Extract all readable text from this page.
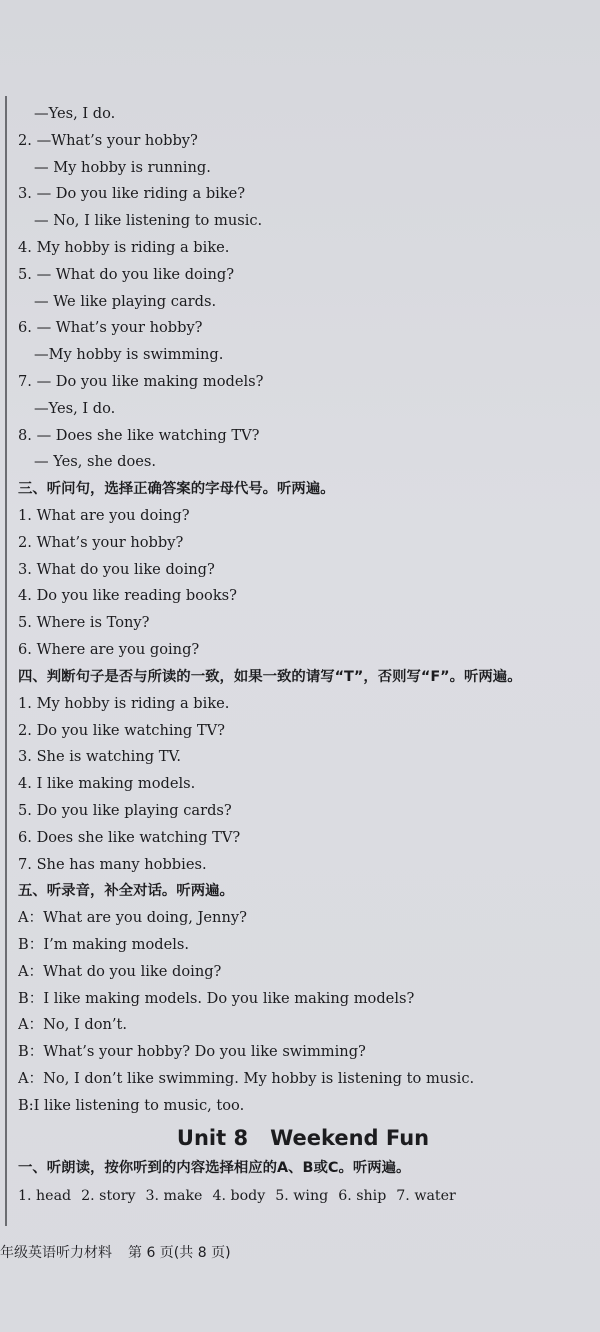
—Yes, I do.
2. —What’s your hobby?
— My hobby is running.
3. — Do you like riding a bike?
— No, I like listening to music.
4. My hobby is riding a bike.
5. — What do you like doing?
— We like playing cards.
6. — What’s your hobby?
—My hobby is swimming.
7. — Do you like making models?
—Yes, I do.
8. — Does she like watching TV?
— Yes, she does.
三、听问句，选择正确答案的字母代号。听两遍。
1. What are you doing?
2. What’s your hobby?
3. What do you like doing?
4. Do you like reading books?
5. Where is Tony?
6. Where are you going?
四、判断句子是否与所读的一致，如果一致的请写“T”，否则写“F”。听两遍。
1. My hobby is riding a bike.
2. Do you like watching TV?
3. She is watching TV.
4. I like making models.
5. Do you like playing cards?
6. Does she like watching TV?
7. She has many hobbies.
五、听录音，补全对话。听两遍。
A：What are you doing, Jenny?
B：I’m making models.
A：What do you like doing?
B：I like making models. Do you like making models?
A：No, I don’t.
B：What’s your hobby? Do you like swimming?
A：No, I don’t like swimming. My hobby is listening to music.
B:I like listening to music, too.
Unit 8 Weekend Fun
一、听朗读，按你听到的内容选择相应的A、B或C。听两遍。
1. head 2. story 3. make 4. body 5. wing 6. ship 7. water
年级英语听力材料 第 6 页(共 8 页)
